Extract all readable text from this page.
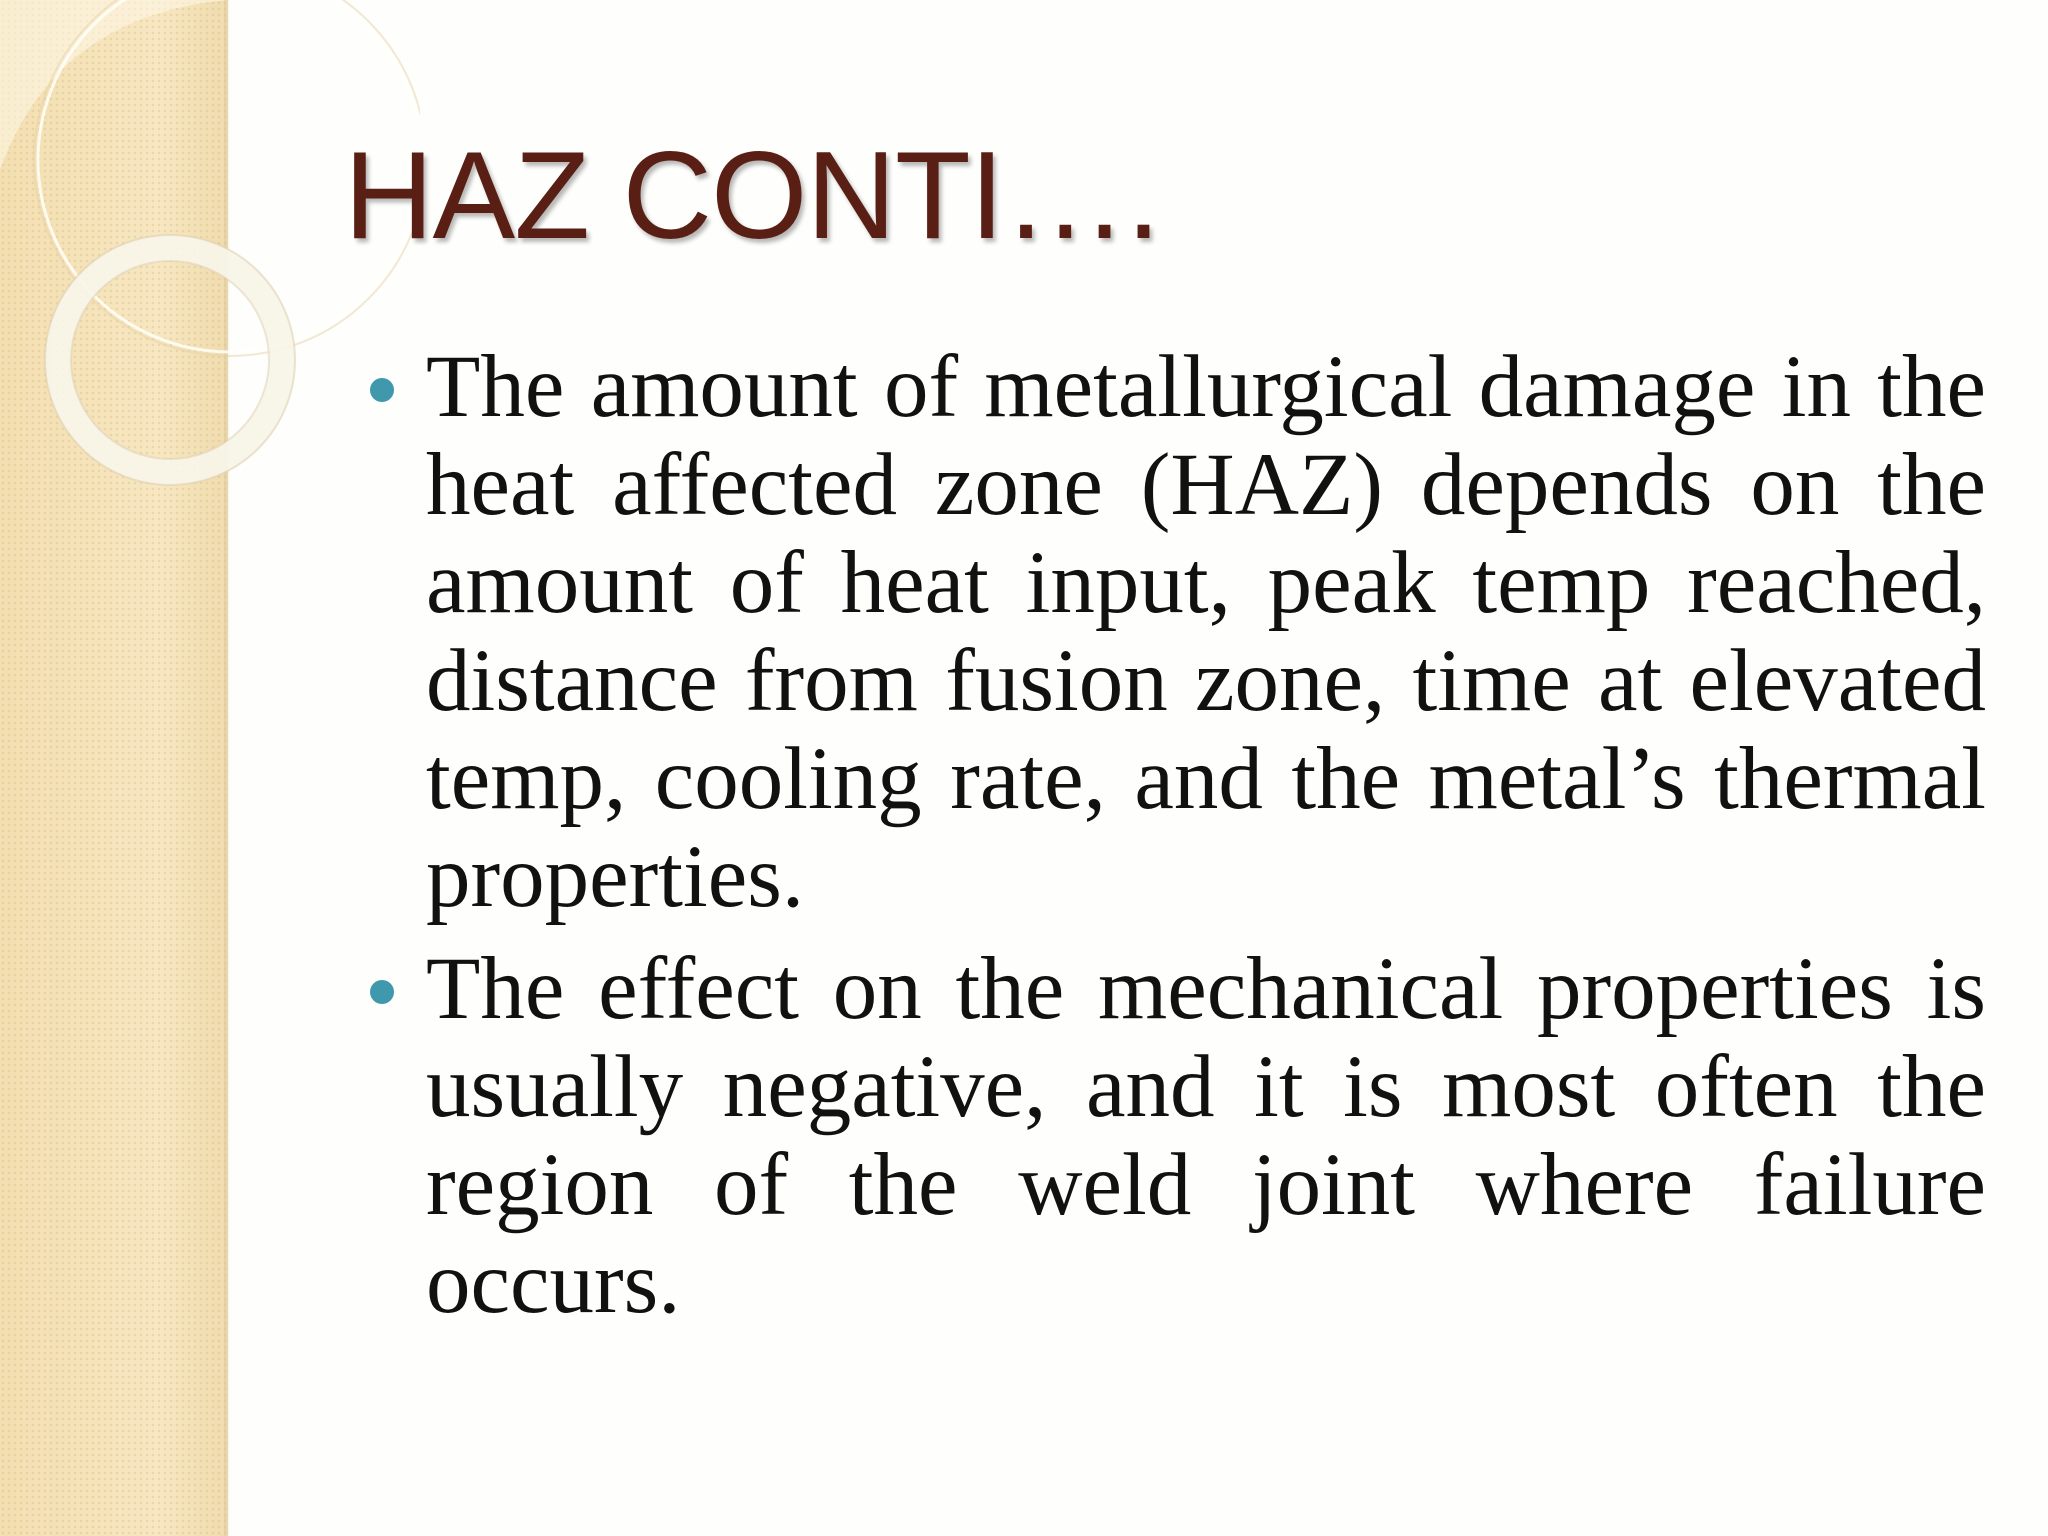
HAZ CONTI….
The amount of metallurgical damage in the heat affected zone (HAZ) depends on the amount of heat input, peak temp reached, distance from fusion zone, time at elevated temp, cooling rate, and the metal’s thermal properties.
The effect on the mechanical properties is usually negative, and it is most often the region of the weld joint where failure occurs.
